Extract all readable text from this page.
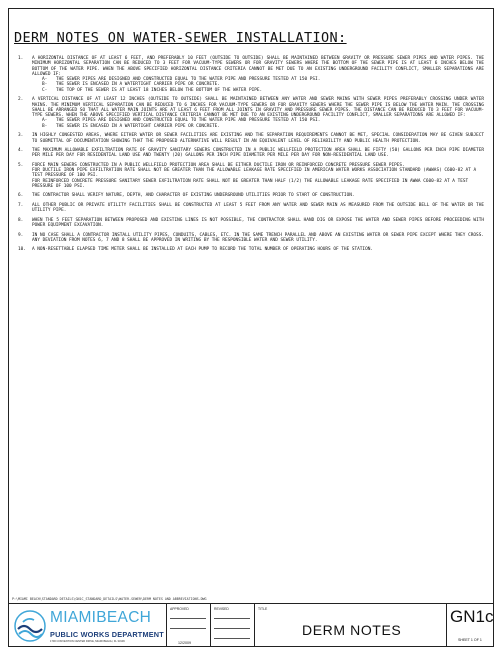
DERM NOTES ON WATER-SEWER INSTALLATION:
1.	A HORIZONTAL DISTANCE OF AT LEAST 6 FEET, AND PREFERABLY 10 FEET (OUTSIDE TO OUTSIDE) SHALL BE MAINTAINED BETWEEN GRAVITY OR PRESSURE SEWER PIPES AND WATER PIPES. THE MINIMUM HORIZONTAL SEPARATION CAN BE REDUCED TO 3 FEET FOR VACUUM-TYPE SEWERS OR FOR GRAVITY SEWERS WHERE THE BOTTOM OF THE SEWER PIPE IS AT LEAST 6 INCHES BELOW THE BOTTOM OF THE WATER PIPE. WHEN THE ABOVE SPECIFIED HORIZONTAL DISTANCE CRITERIA CANNOT BE MET DUE TO AN EXISTING UNDERGROUND FACILITY CONFLICT, SMALLER SEPARATIONS ARE ALLOWED IF:
A-	THE SEWER PIPES ARE DESIGNED AND CONSTRUCTED EQUAL TO THE WATER PIPE AND PRESSURE TESTED AT 150 PSI.
B-	THE SEWER IS ENCASED IN A WATERTIGHT CARRIER PIPE OR CONCRETE.
C-	THE TOP OF THE SEWER IS AT LEAST 18 INCHES BELOW THE BOTTOM OF THE WATER PIPE.
2.	A VERTICAL DISTANCE OF AT LEAST 12 INCHES (OUTSIDE TO OUTSIDE) SHALL BE MAINTAINED BETWEEN ANY WATER AND SEWER MAINS WITH SEWER PIPES PREFERABLY CROSSING UNDER WATER MAINS. THE MINIMUM VERTICAL SEPARATION CAN BE REDUCED TO 6 INCHES FOR VACUUM-TYPE SEWERS OR FOR GRAVITY SEWERS WHERE THE SEWER PIPE IS BELOW THE WATER MAIN. THE CROSSING SHALL BE ARRANGED SO THAT ALL WATER MAIN JOINTS ARE AT LEAST 6 FEET FROM ALL JOINTS IN GRAVITY AND PRESSURE SEWER PIPES. THE DISTANCE CAN BE REDUCED TO 3 FEET FOR VACUUM-TYPE SEWERS. WHEN THE ABOVE SPECIFIED VERTICAL DISTANCE CRITERIA CANNOT BE MET DUE TO AN EXISTING UNDERGROUND FACILITY CONFLICT, SMALLER SEPARATIONS ARE ALLOWED IF:
A-	THE SEWER PIPES ARE DESIGNED AND CONSTRUCTED EQUAL TO THE WATER PIPE AND PRESSURE TESTED AT 150 PSI.
B-	THE SEWER IS ENCASED IN A WATERTIGHT CARRIER PIPE OR CONCRETE.
3.	IN HIGHLY CONGESTED AREAS, WHERE EITHER WATER OR SEWER FACILITIES ARE EXISTING AND THE SEPARATION REQUIREMENTS CANNOT BE MET, SPECIAL CONSIDERATION MAY BE GIVEN SUBJECT TO SUBMITTAL OF DOCUMENTATION SHOWING THAT THE PROPOSED ALTERNATIVE WILL RESULT IN AN EQUIVALENT LEVEL OF RELIABILITY AND PUBLIC HEALTH PROTECTION.
4.	THE MAXIMUM ALLOWABLE EXFILTRATION RATE OF GRAVITY SANITARY SEWERS CONSTRUCTED IN A PUBLIC WELLFIELD PROTECTION AREA SHALL BE FIFTY (50) GALLONS PER INCH PIPE DIAMETER PER MILE PER DAY FOR RESIDENTIAL LAND USE AND TWENTY (20) GALLONS PER INCH PIPE DIAMETER PER MILE PER DAY FOR NON-RESIDENTIAL LAND USE.
5.	FORCE MAIN SEWERS CONSTRUCTED IN A PUBLIC WELLFIELD PROTECTION AREA SHALL BE EITHER DUCTILE IRON OR REINFORCED CONCRETE PRESSURE SEWER PIPES.
FOR DUCTILE IRON PIPE EXFILTRATION RATE SHALL NOT BE GREATER THAN THE ALLOWABLE LEAKAGE RATE SPECIFIED IN AMERICAN WATER WORKS ASSOCIATION STANDARD (AWWAS) C600-82 AT A TEST PRESSURE OF 100 PSI.
FOR REINFORCED CONCRETE PRESSURE SANITARY SEWER EXFILTRATION RATE SHALL NOT BE GREATER THAN HALF (1/2) THE ALLOWABLE LEAKAGE RATE SPECIFIED IN AWWA C600-82 AT A TEST PRESSURE OF 100 PSI.
6.	THE CONTRACTOR SHALL VERIFY NATURE, DEPTH, AND CHARACTER OF EXISTING UNDERGROUND UTILITIES PRIOR TO START OF CONSTRUCTION.
7.	ALL OTHER PUBLIC OR PRIVATE UTILITY FACILITIES SHALL BE CONSTRUCTED AT LEAST 5 FEET FROM ANY WATER AND SEWER MAIN AS MEASURED FROM THE OUTSIDE BELL OF THE WATER OR THE UTILITY PIPE.
8.	WHEN THE 5 FEET SEPARATION BETWEEN PROPOSED AND EXISTING LINES IS NOT POSSIBLE, THE CONTRACTOR SHALL HAND DIG OR EXPOSE THE WATER AND SEWER PIPES BEFORE PROCEEDING WITH POWER EQUIPMENT EXCAVATION.
9.	IN NO CASE SHALL A CONTRACTOR INSTALL UTILITY PIPES, CONDUITS, CABLES, ETC. IN THE SAME TRENCH PARALLEL AND ABOVE AN EXISTING WATER OR SEWER PIPE EXCEPT WHERE THEY CROSS. ANY DEVIATION FROM NOTES 6, 7 AND 8 SHALL BE APPROVED IN WRITING BY THE RESPONSIBLE WATER AND SEWER UTILITY.
10.	A NON-RESETTABLE ELAPSED TIME METER SHALL BE INSTALLED AT EACH PUMP TO RECORD THE TOTAL NUMBER OF OPERATING HOURS OF THE STATION.
P:\MIAMI BEACH\STANDARD DETAILS\GN1C_STANDARD_DETAILS\WATER-SEWER\DERM NOTES AND ABBREVIATIONS.DWG
MIAMIBEACH
PUBLIC WORKS DEPARTMENT
1700 CONVENTION CENTER DRIVE, MIAMI BEACH, FL 33139
APPROVED
12/2009
REVISED	TITLE
DERM NOTES
GN1c
SHEET 1 OF 1
